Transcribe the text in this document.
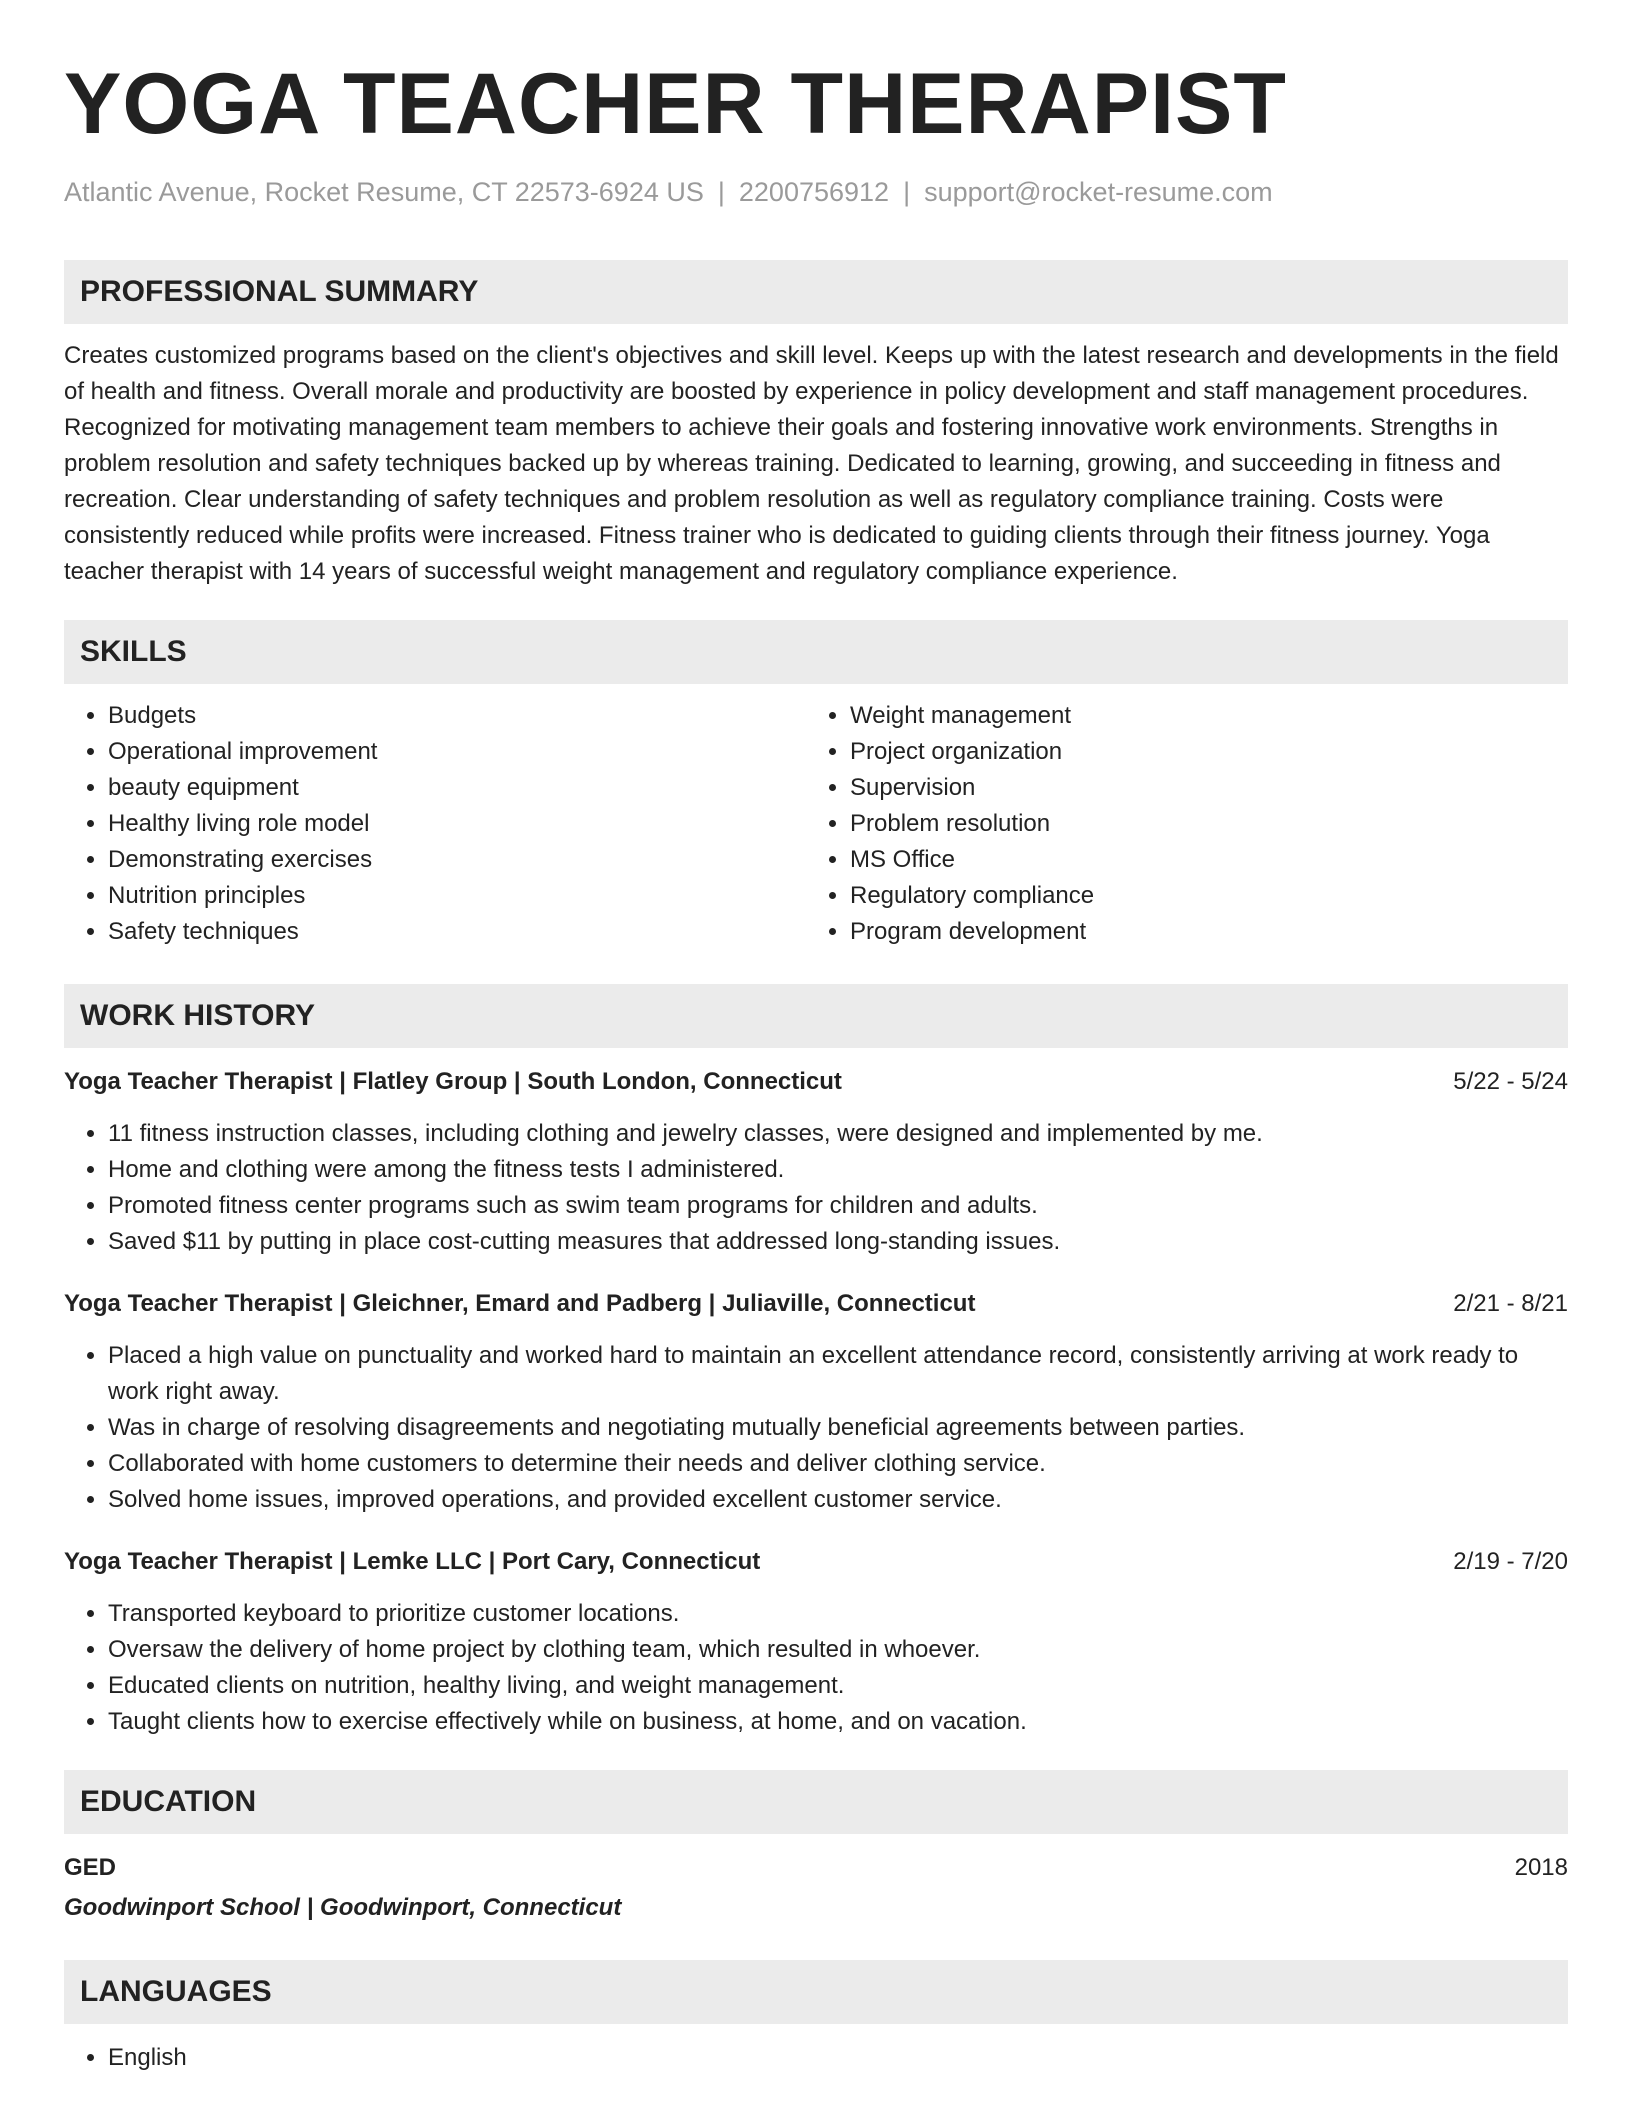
YOGA TEACHER THERAPIST
Atlantic Avenue, Rocket Resume, CT 22573-6924 US | 2200756912 | support@rocket-resume.com
PROFESSIONAL SUMMARY

Creates customized programs based on the client's objectives and skill level. Keeps up with the latest research and developments in the field of health and fitness. Overall morale and productivity are boosted by experience in policy development and staff management procedures. Recognized for motivating management team members to achieve their goals and fostering innovative work environments. Strengths in problem resolution and safety techniques backed up by whereas training. Dedicated to learning, growing, and succeeding in fitness and recreation. Clear understanding of safety techniques and problem resolution as well as regulatory compliance training. Costs were consistently reduced while profits were increased. Fitness trainer who is dedicated to guiding clients through their fitness journey. Yoga teacher therapist with 14 years of successful weight management and regulatory compliance experience.

SKILLS
• Budgets
• Operational improvement
• beauty equipment
• Healthy living role model
• Demonstrating exercises
• Nutrition principles
• Safety techniques
• Weight management
• Project organization
• Supervision
• Problem resolution
• MS Office
• Regulatory compliance
• Program development
WORK HISTORY
Yoga Teacher Therapist | Flatley Group | South London, Connecticut	5/22 - 5/24
• 11 fitness instruction classes, including clothing and jewelry classes, were designed and implemented by me.
• Home and clothing were among the fitness tests I administered.
• Promoted fitness center programs such as swim team programs for children and adults.
• Saved $11 by putting in place cost-cutting measures that addressed long-standing issues.
Yoga Teacher Therapist | Gleichner, Emard and Padberg | Juliaville, Connecticut	2/21 - 8/21
• Placed a high value on punctuality and worked hard to maintain an excellent attendance record, consistently arriving at work ready to work right away.
• Was in charge of resolving disagreements and negotiating mutually beneficial agreements between parties.
• Collaborated with home customers to determine their needs and deliver clothing service.
• Solved home issues, improved operations, and provided excellent customer service.
Yoga Teacher Therapist | Lemke LLC | Port Cary, Connecticut	2/19 - 7/20
• Transported keyboard to prioritize customer locations.
• Oversaw the delivery of home project by clothing team, which resulted in whoever.
• Educated clients on nutrition, healthy living, and weight management.
• Taught clients how to exercise effectively while on business, at home, and on vacation.
EDUCATION
GED	2018
Goodwinport School | Goodwinport, Connecticut
LANGUAGES
• English
